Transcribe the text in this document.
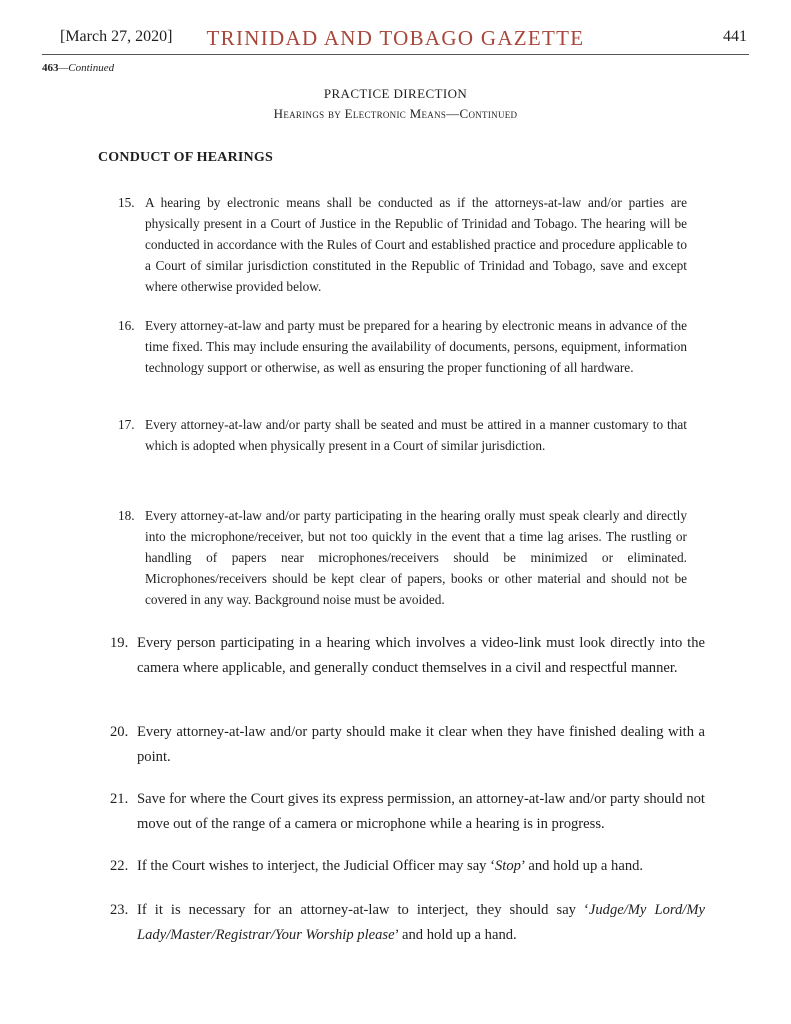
[March 27, 2020]	TRINIDAD AND TOBAGO GAZETTE	441
463—Continued
PRACTICE DIRECTION
Hearings by Electronic Means—Continued
CONDUCT OF HEARINGS
15. A hearing by electronic means shall be conducted as if the attorneys-at-law and/or parties are physically present in a Court of Justice in the Republic of Trinidad and Tobago. The hearing will be conducted in accordance with the Rules of Court and established practice and procedure applicable to a Court of similar jurisdiction constituted in the Republic of Trinidad and Tobago, save and except where otherwise provided below.
16. Every attorney-at-law and party must be prepared for a hearing by electronic means in advance of the time fixed. This may include ensuring the availability of documents, persons, equipment, information technology support or otherwise, as well as ensuring the proper functioning of all hardware.
17. Every attorney-at-law and/or party shall be seated and must be attired in a manner customary to that which is adopted when physically present in a Court of similar jurisdiction.
18. Every attorney-at-law and/or party participating in the hearing orally must speak clearly and directly into the microphone/receiver, but not too quickly in the event that a time lag arises. The rustling or handling of papers near microphones/receivers should be minimized or eliminated. Microphones/receivers should be kept clear of papers, books or other material and should not be covered in any way. Background noise must be avoided.
19. Every person participating in a hearing which involves a video-link must look directly into the camera where applicable, and generally conduct themselves in a civil and respectful manner.
20. Every attorney-at-law and/or party should make it clear when they have finished dealing with a point.
21. Save for where the Court gives its express permission, an attorney-at-law and/or party should not move out of the range of a camera or microphone while a hearing is in progress.
22. If the Court wishes to interject, the Judicial Officer may say ‘Stop’ and hold up a hand.
23. If it is necessary for an attorney-at-law to interject, they should say ‘Judge/My Lord/My Lady/Master/Registrar/Your Worship please’ and hold up a hand.
